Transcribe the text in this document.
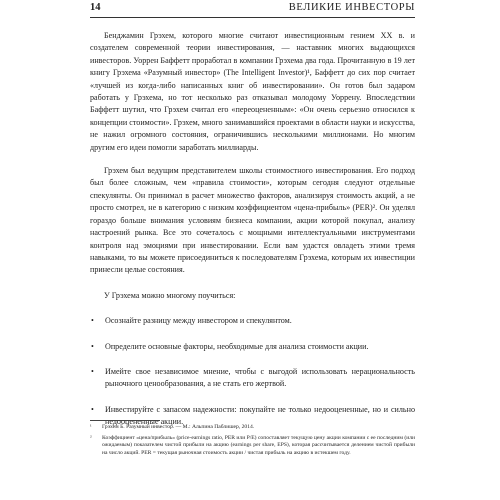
14	ВЕЛИКИЕ ИНВЕСТОРЫ

Бенджамин Грэхем, которого многие считают инвестиционным гением XX в. и создателем современной теории инвестирования, — наставник многих выдающихся инвесторов. Уоррен Баффетт проработал в компании Грэхема два года. Прочитанную в 19 лет книгу Грэхема «Разумный инвестор» (The Intelligent Investor)¹, Баффетт до сих пор считает «лучшей из когда-либо написанных книг об инвестировании». Он готов был задаром работать у Грэхема, но тот несколько раз отказывал молодому Уоррену. Впоследствии Баффетт шутил, что Грэхем считал его «переоцененным»: «Он очень серьезно относился к концепции стоимости». Грэхем, много занимавшийся проектами в области науки и искусства, не нажил огромного состояния, ограничившись несколькими миллионами. Но многим другим его идеи помогли заработать миллиарды.

Грэхем был ведущим представителем школы стоимостного инвестирования. Его подход был более сложным, чем «правила стоимости», которым сегодня следуют отдельные спекулянты. Он принимал в расчет множество факторов, анализируя стоимость акций, а не просто смотрел, не в категорию с низким коэффициентом «цена-прибыль» (PER)². Он уделял гораздо больше внимания условиям бизнеса компании, акции которой покупал, анализу настроений рынка. Все это сочеталось с мощными интеллектуальными инструментами контроля над эмоциями при инвестировании. Если вам удастся овладеть этими тремя навыками, то вы можете присоединиться к последователям Грэхема, которым их инвестиции принесли целые состояния.

У Грэхема можно многому поучиться:

• Осознайте разницу между инвестором и спекулянтом.
• Определите основные факторы, необходимые для анализа стоимости акции.
• Имейте свое независимое мнение, чтобы с выгодой использовать нерациональность рыночного ценообразования, а не стать его жертвой.
• Инвестируйте с запасом надежности: покупайте не только недооцененные, но и сильно недооцененные акции.
¹ Грэхем Б. Разумный инвестор. — М.: Альпина Паблишер, 2014.
² Коэффициент «цена/прибыль» (price-earnings ratio, PER или P/E) сопоставляет текущую цену акции компании с ее последним (или ожидаемым) показателем чистой прибыли на акцию (earnings per share, EPS), которая рассчитывается делением чистой прибыли на число акций. PER = текущая рыночная стоимость акции / чистая прибыль на акцию в истекшем году.
